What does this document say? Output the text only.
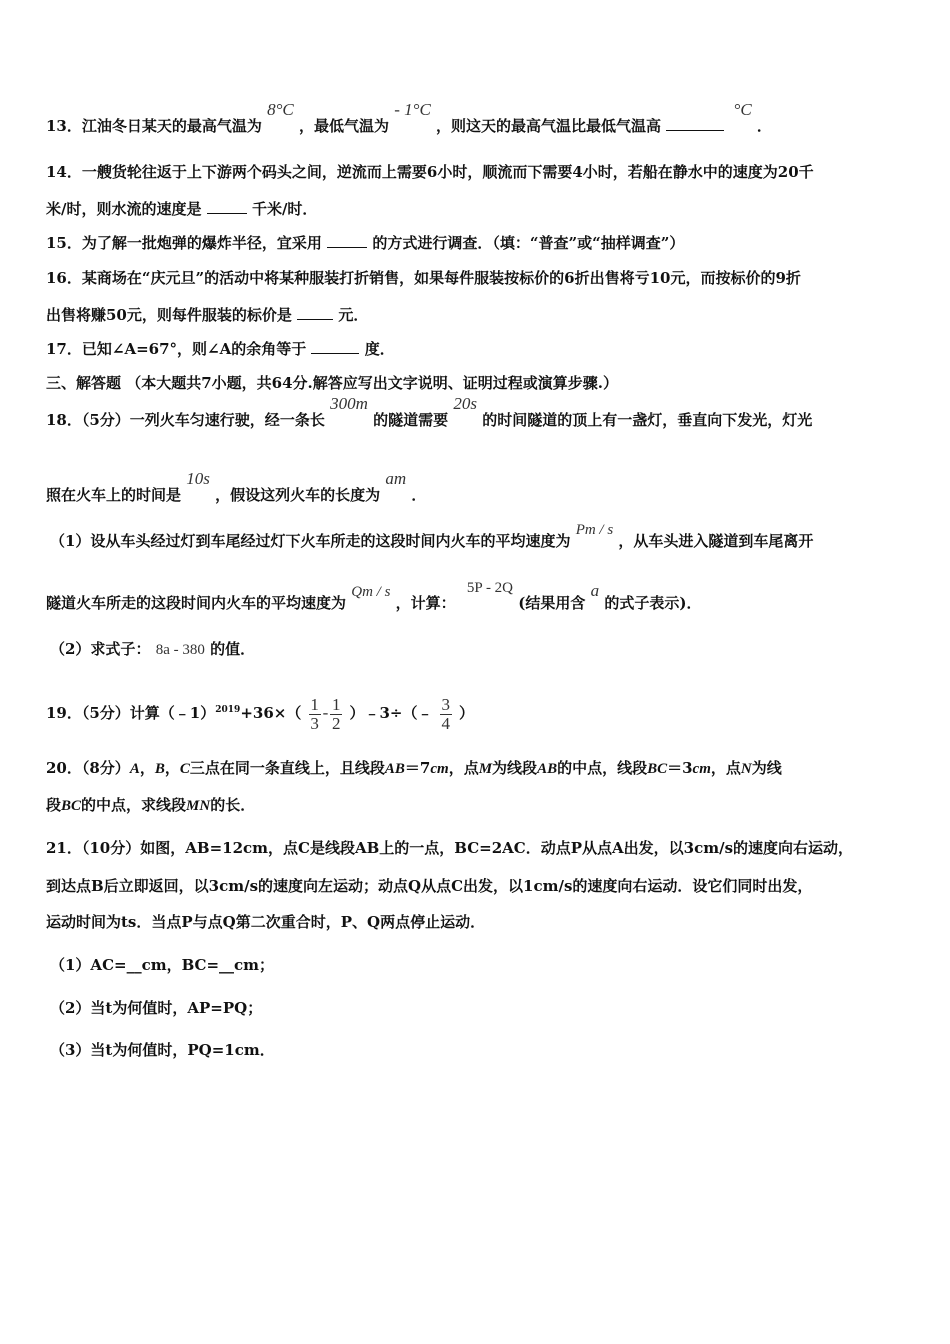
13．江油冬日某天的最高气温为 8°C ，最低气温为 - 1°C ，则这天的最高气温比最低气温高  °C ．
14．一艘货轮往返于上下游两个码头之间，逆流而上需要6小时，顺流而下需要4小时，若船在静水中的速度为20千
米/时，则水流的速度是	千米/时．
15．为了解一批炮弹的爆炸半径，宜采用	的方式进行调查．（填：“普查”或“抽样调查”）
16．某商场在“庆元旦”的活动中将某种服装打折销售，如果每件服装按标价的6折出售将亏10元，而按标价的9折
出售将赚50元，则每件服装的标价是	元．
17．已知∠A=67°，则∠A的余角等于	度．
三、解答题 （本大题共7小题，共64分.解答应写出文字说明、证明过程或演算步骤.）
18．（5分）一列火车匀速行驶，经一条长 300m 的隧道需要 20s 的时间隧道的顶上有一盏灯，垂直向下发光，灯光
照在火车上的时间是 10s ，假设这列火车的长度为 am ．
（1）设从车头经过灯到车尾经过灯下火车所走的这段时间内火车的平均速度为 Pm / s ，从车头进入隧道到车尾离开
隧道火车所走的这段时间内火车的平均速度为 Qm / s ，计算： 5P - 2Q (结果用含 a 的式子表示)．
（2）求式子： 8a - 380 的值．
19．（5分）计算（﹣1）$^{2019}$+36×（ $\frac{1}{3} - \frac{1}{2}$ ）﹣3÷（﹣ $\frac{3}{4}$ ）
20．（8分）A，B，C三点在同一条直线上，且线段AB＝7cm，点M为线段AB的中点，线段BC＝3cm，点N为线
段BC的中点，求线段MN的长．
21．（10分）如图，AB=12cm，点C是线段AB上的一点，BC=2AC．动点P从点A出发，以3cm/s的速度向右运动，
到达点B后立即返回，以3cm/s的速度向左运动；动点Q从点C出发，以1cm/s的速度向右运动．设它们同时出发，
运动时间为ts．当点P与点Q第二次重合时，P、Q两点停止运动．
（1）AC=__cm，BC=__cm；
（2）当t为何值时，AP=PQ；
（3）当t为何值时，PQ=1cm．
